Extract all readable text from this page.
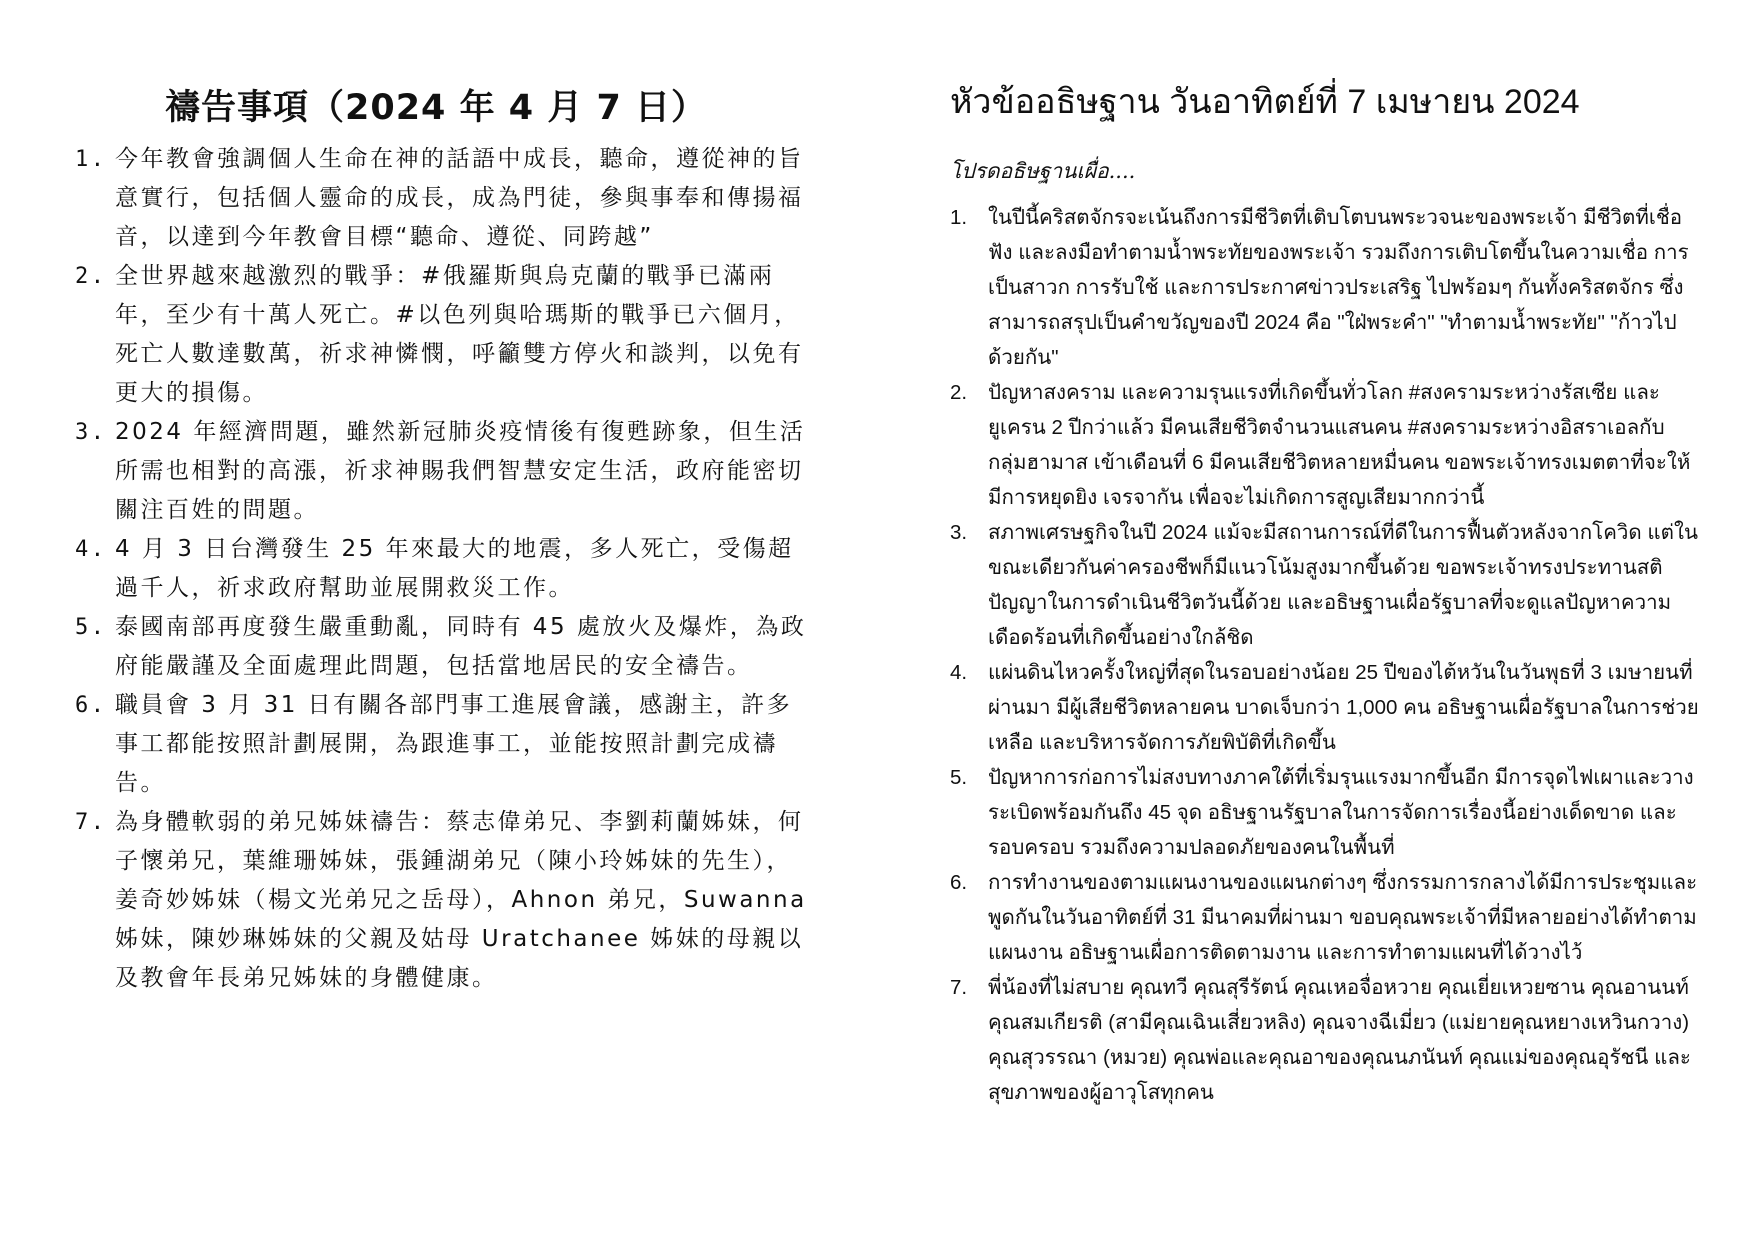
禱告事項（2024 年 4 月 7 日）
1. 今年教會強調個人生命在神的話語中成長，聽命，遵從神的旨意實行，包括個人靈命的成長，成為門徒，參與事奉和傳揚福音，以達到今年教會目標“聽命、遵從、同跨越”
2. 全世界越來越激烈的戰爭：#俄羅斯與烏克蘭的戰爭已滿兩年，至少有十萬人死亡。#以色列與哈瑪斯的戰爭已六個月，死亡人數達數萬，祈求神憐憫，呼籲雙方停火和談判，以免有更大的損傷。
3. 2024 年經濟問題，雖然新冠肺炎疫情後有復甦跡象，但生活所需也相對的高漲，祈求神賜我們智慧安定生活，政府能密切關注百姓的問題。
4. 4 月 3 日台灣發生 25 年來最大的地震，多人死亡，受傷超過千人，祈求政府幫助並展開救災工作。
5. 泰國南部再度發生嚴重動亂，同時有 45 處放火及爆炸，為政府能嚴謹及全面處理此問題，包括當地居民的安全禱告。
6. 職員會 3 月 31 日有關各部門事工進展會議，感謝主，許多事工都能按照計劃展開，為跟進事工，並能按照計劃完成禱告。
7. 為身體軟弱的弟兄姊妹禱告：蔡志偉弟兄、李劉莉蘭姊妹，何子懷弟兄，葉維珊姊妹，張鍾湖弟兄（陳小玲姊妹的先生），姜奇妙姊妹（楊文光弟兄之岳母），Ahnon 弟兄，Suwanna 姊妹，陳妙琳姊妹的父親及姑母 Uratchanee 姊妹的母親以及教會年長弟兄姊妹的身體健康。
หัวข้ออธิษฐาน วันอาทิตย์ที่ 7 เมษายน 2024
โปรดอธิษฐานเผื่อ....
1. ในปีนี้คริสตจักรจะเน้นถึงการมีชีวิตที่เติบโตบนพระวจนะของพระเจ้า มีชีวิตที่เชื่อฟัง และลงมือทำตามน้ำพระทัยของพระเจ้า รวมถึงการเติบโตขึ้นในความเชื่อ การเป็นสาวก การรับใช้ และการประกาศข่าวประเสริฐ ไปพร้อมๆ กันทั้งคริสตจักร ซึ่งสามารถสรุปเป็นคำขวัญของปี 2024 คือ "ใฝ่พระคำ" "ทำตามน้ำพระทัย" "ก้าวไปด้วยกัน"
2. ปัญหาสงคราม และความรุนแรงที่เกิดขึ้นทั่วโลก #สงครามระหว่างรัสเซีย และยูเครน 2 ปีกว่าแล้ว มีคนเสียชีวิตจำนวนแสนคน #สงครามระหว่างอิสราเอลกับกลุ่มฮามาส เข้าเดือนที่ 6 มีคนเสียชีวิตหลายหมื่นคน ขอพระเจ้าทรงเมตตาที่จะให้มีการหยุดยิง เจรจากัน เพื่อจะไม่เกิดการสูญเสียมากกว่านี้
3. สภาพเศรษฐกิจในปี 2024 แม้จะมีสถานการณ์ที่ดีในการฟื้นตัวหลังจากโควิด แต่ในขณะเดียวกันค่าครองชีพก็มีแนวโน้มสูงมากขึ้นด้วย ขอพระเจ้าทรงประทานสติปัญญาในการดำเนินชีวิตวันนี้ด้วย และอธิษฐานเผื่อรัฐบาลที่จะดูแลปัญหาความเดือดร้อนที่เกิดขึ้นอย่างใกล้ชิด
4. แผ่นดินไหวครั้งใหญ่ที่สุดในรอบอย่างน้อย 25 ปีของไต้หวันในวันพุธที่ 3 เมษายนที่ผ่านมา มีผู้เสียชีวิตหลายคน บาดเจ็บกว่า 1,000 คน อธิษฐานเผื่อรัฐบาลในการช่วยเหลือ และบริหารจัดการภัยพิบัติที่เกิดขึ้น
5. ปัญหาการก่อการไม่สงบทางภาคใต้ที่เริ่มรุนแรงมากขึ้นอีก มีการจุดไฟเผาและวางระเบิดพร้อมกันถึง 45 จุด อธิษฐานรัฐบาลในการจัดการเรื่องนี้อย่างเด็ดขาด และรอบครอบ รวมถึงความปลอดภัยของคนในพื้นที่
6. การทำงานของตามแผนงานของแผนกต่างๆ ซึ่งกรรมการกลางได้มีการประชุมและพูดกันในวันอาทิตย์ที่ 31 มีนาคมที่ผ่านมา ขอบคุณพระเจ้าที่มีหลายอย่างได้ทำตามแผนงาน อธิษฐานเผื่อการติดตามงาน และการทำตามแผนที่ได้วางไว้
7. พี่น้องที่ไม่สบาย คุณทวี คุณสุรีรัตน์ คุณเหอจื่อหวาย คุณเยี่ยเหวยซาน คุณอานนท์ คุณสมเกียรติ (สามีคุณเฉินเสี่ยวหลิง) คุณจางฉีเมี่ยว (แม่ยายคุณหยางเหวินกวาง) คุณสุวรรณา (หมวย) คุณพ่อและคุณอาของคุณนภนันท์ คุณแม่ของคุณอุรัชนี และสุขภาพของผู้อาวุโสทุกคน
